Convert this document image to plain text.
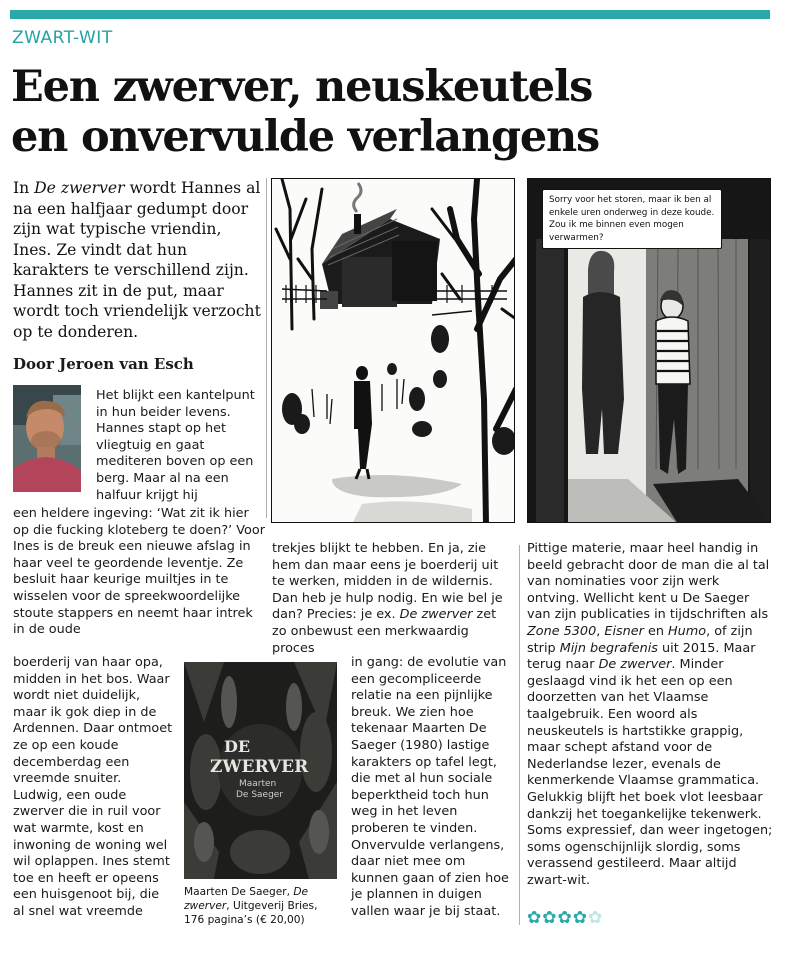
ZWART-WIT
Een zwerver, neuskeutels
en onvervulde verlangens

In De zwerver wordt Hannes al na een halfjaar gedumpt door zijn wat typische vriendin, Ines. Ze vindt dat hun karakters te verschillend zijn. Hannes zit in de put, maar wordt toch vriendelijk verzocht op te donderen.

Door Jeroen van Esch
Het blijkt een kantelpunt in hun beider levens. Hannes stapt op het vliegtuig en gaat mediteren boven op een berg. Maar al na een halfuur krijgt hij
een heldere ingeving: ‘Wat zit ik hier op die fucking kloteberg te doen?’ Voor Ines is de breuk een nieuwe afslag in haar veel te geordende leventje. Ze besluit haar keurige muiltjes in te wisselen voor de spreekwoordelijke stoute stappers en neemt haar intrek in de oude
boerderij van haar opa, midden in het bos. Waar wordt niet duidelijk, maar ik gok diep in de Ardennen. Daar ontmoet ze op een koude decemberdag een vreemde snuiter. Ludwig, een oude zwerver die in ruil voor wat warmte, kost en inwoning de woning wel wil oplappen. Ines stemt toe en heeft er opeens een huisgenoot bij, die al snel wat vreemde
trekjes blijkt te hebben. En ja, zie hem dan maar eens je boerderij uit te werken, midden in de wildernis. Dan heb je hulp nodig. En wie bel je dan? Precies: je ex. De zwerver zet zo onbewust een merkwaardig proces
in gang: de evolutie van een gecompliceerde relatie na een pijnlijke breuk. We zien hoe tekenaar Maarten De Saeger (1980) lastige karakters op tafel legt, die met al hun sociale beperktheid toch hun weg in het leven proberen te vinden. Onvervulde verlangens, daar niet mee om kunnen gaan of zien hoe je plannen in duigen vallen waar je bij staat.
Pittige materie, maar heel handig in beeld gebracht door de man die al tal van nominaties voor zijn werk ontving. Wellicht kent u De Saeger van zijn publicaties in tijdschriften als Zone 5300, Eisner en Humo, of zijn strip Mijn begrafenis uit 2015. Maar terug naar De zwerver. Minder geslaagd vind ik het een op een doorzetten van het Vlaamse taalgebruik. Een woord als neuskeutels is hartstikke grappig, maar schept afstand voor de Nederlandse lezer, evenals de kenmerkende Vlaamse grammatica. Gelukkig blijft het boek vlot leesbaar dankzij het toegankelijke tekenwerk. Soms expressief, dan weer ingetogen; soms ogenschijnlijk slordig, soms verassend gestileerd. Maar altijd zwart-wit.
Sorry voor het storen, maar ik ben al enkele uren onderweg in deze koude. Zou ik me binnen even mogen verwarmen?
DE
ZWERVER
Maarten
De Saeger
Maarten De Saeger, De zwerver, Uitgeverij Bries, 176 pagina’s (€ 20,00)	✿✿✿✿✿
